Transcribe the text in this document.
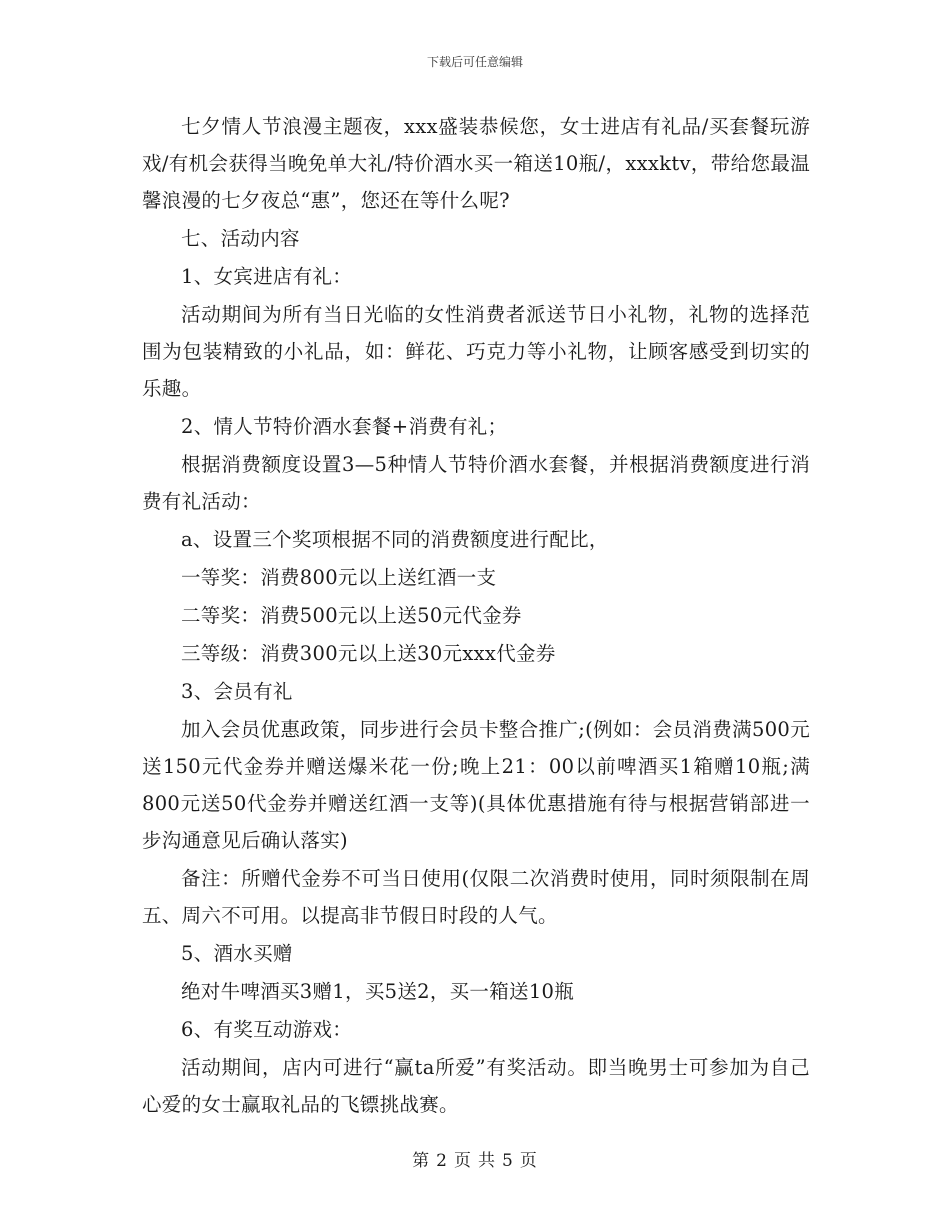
下载后可任意编辑

七夕情人节浪漫主题夜，xxx盛装恭候您，女士进店有礼品/买套餐玩游戏/有机会获得当晚免单大礼/特价酒水买一箱送10瓶/，xxxktv，带给您最温馨浪漫的七夕夜总“惠”，您还在等什么呢?

七、活动内容

1、女宾进店有礼：

活动期间为所有当日光临的女性消费者派送节日小礼物，礼物的选择范围为包装精致的小礼品，如：鲜花、巧克力等小礼物，让顾客感受到切实的乐趣。

2、情人节特价酒水套餐+消费有礼；

根据消费额度设置3—5种情人节特价酒水套餐，并根据消费额度进行消费有礼活动：

a、设置三个奖项根据不同的消费额度进行配比，

一等奖：消费800元以上送红酒一支

二等奖：消费500元以上送50元代金券

三等级：消费300元以上送30元xxx代金券

3、会员有礼

加入会员优惠政策，同步进行会员卡整合推广;(例如：会员消费满500元送150元代金券并赠送爆米花一份;晚上21：00以前啤酒买1箱赠10瓶;满800元送50代金券并赠送红酒一支等)(具体优惠措施有待与根据营销部进一步沟通意见后确认落实)

备注：所赠代金券不可当日使用(仅限二次消费时使用，同时须限制在周五、周六不可用。以提高非节假日时段的人气。

5、酒水买赠

绝对牛啤酒买3赠1，买5送2，买一箱送10瓶

6、有奖互动游戏：

活动期间，店内可进行“赢ta所爱”有奖活动。即当晚男士可参加为自己心爱的女士赢取礼品的飞镖挑战赛。

第 2 页 共 5 页
